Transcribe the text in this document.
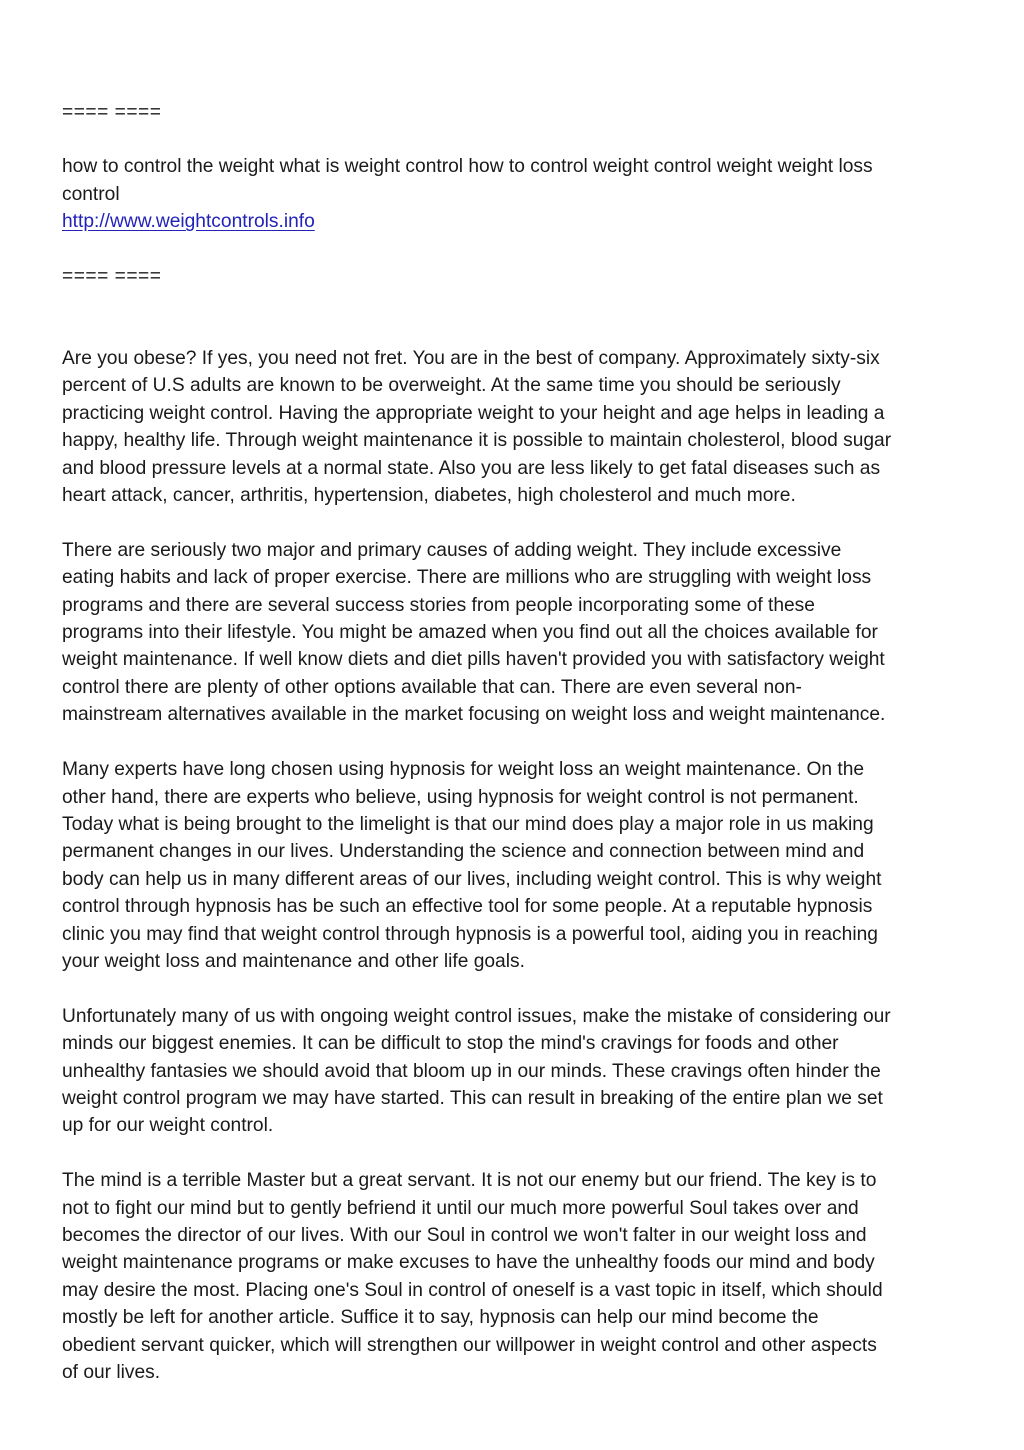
==== ====

how to control the weight what is weight control how to control weight control weight weight loss
control

http://www.weightcontrols.info

==== ====

Are you obese? If yes, you need not fret. You are in the best of company. Approximately sixty-six
percent of U.S adults are known to be overweight. At the same time you should be seriously
practicing weight control. Having the appropriate weight to your height and age helps in leading a
happy, healthy life. Through weight maintenance it is possible to maintain cholesterol, blood sugar
and blood pressure levels at a normal state. Also you are less likely to get fatal diseases such as
heart attack, cancer, arthritis, hypertension, diabetes, high cholesterol and much more.

There are seriously two major and primary causes of adding weight. They include excessive
eating habits and lack of proper exercise. There are millions who are struggling with weight loss
programs and there are several success stories from people incorporating some of these
programs into their lifestyle. You might be amazed when you find out all the choices available for
weight maintenance. If well know diets and diet pills haven't provided you with satisfactory weight
control there are plenty of other options available that can. There are even several non-
mainstream alternatives available in the market focusing on weight loss and weight maintenance.

Many experts have long chosen using hypnosis for weight loss an weight maintenance. On the
other hand, there are experts who believe, using hypnosis for weight control is not permanent.
Today what is being brought to the limelight is that our mind does play a major role in us making
permanent changes in our lives. Understanding the science and connection between mind and
body can help us in many different areas of our lives, including weight control. This is why weight
control through hypnosis has be such an effective tool for some people. At a reputable hypnosis
clinic you may find that weight control through hypnosis is a powerful tool, aiding you in reaching
your weight loss and maintenance and other life goals.

Unfortunately many of us with ongoing weight control issues, make the mistake of considering our
minds our biggest enemies. It can be difficult to stop the mind's cravings for foods and other
unhealthy fantasies we should avoid that bloom up in our minds. These cravings often hinder the
weight control program we may have started. This can result in breaking of the entire plan we set
up for our weight control.

The mind is a terrible Master but a great servant. It is not our enemy but our friend. The key is to
not to fight our mind but to gently befriend it until our much more powerful Soul takes over and
becomes the director of our lives. With our Soul in control we won't falter in our weight loss and
weight maintenance programs or make excuses to have the unhealthy foods our mind and body
may desire the most. Placing one's Soul in control of oneself is a vast topic in itself, which should
mostly be left for another article. Suffice it to say, hypnosis can help our mind become the
obedient servant quicker, which will strengthen our willpower in weight control and other aspects
of our lives.
